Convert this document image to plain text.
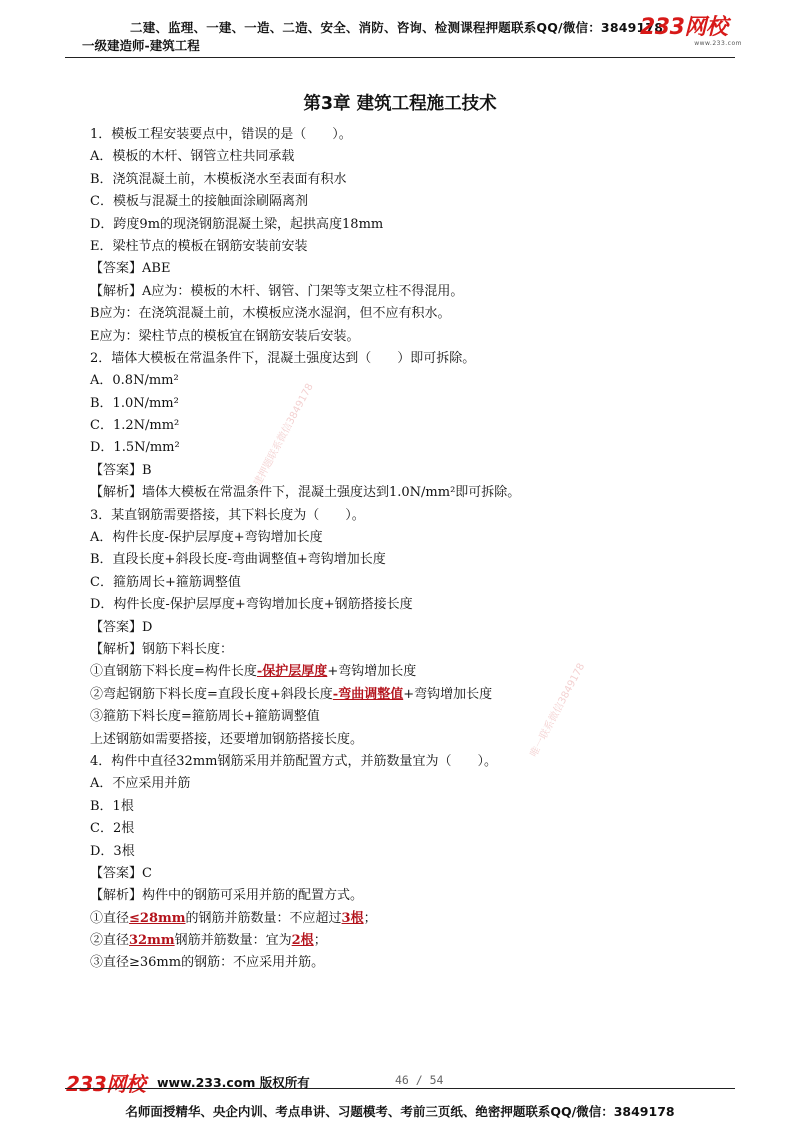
二建、监理、一建、一造、二造、安全、消防、咨询、检测课程押题联系QQ/微信：3849178
一级建造师-建筑工程
233网校
www.233.com
第3章 建筑工程施工技术
1．模板工程安装要点中，错误的是（　　）。
A．模板的木杆、钢管立柱共同承载
B．浇筑混凝土前，木模板浇水至表面有积水
C．模板与混凝土的接触面涂刷隔离剂
D．跨度9m的现浇钢筋混凝土梁，起拱高度18mm
E．梁柱节点的模板在钢筋安装前安装
【答案】ABE
【解析】A应为：模板的木杆、钢管、门架等支架立柱不得混用。
B应为：在浇筑混凝土前，木模板应浇水湿润，但不应有积水。
E应为：梁柱节点的模板宜在钢筋安装后安装。
2．墙体大模板在常温条件下，混凝土强度达到（　　）即可拆除。
A．0.8N/mm²
B．1.0N/mm²
C．1.2N/mm²
D．1.5N/mm²
【答案】B
【解析】墙体大模板在常温条件下，混凝土强度达到1.0N/mm²即可拆除。
3．某直钢筋需要搭接，其下料长度为（　　）。
A．构件长度-保护层厚度+弯钩增加长度
B．直段长度+斜段长度-弯曲调整值+弯钩增加长度
C．箍筋周长+箍筋调整值
D．构件长度-保护层厚度+弯钩增加长度+钢筋搭接长度
【答案】D
【解析】钢筋下料长度：
①直钢筋下料长度=构件长度-保护层厚度+弯钩增加长度
②弯起钢筋下料长度=直段长度+斜段长度-弯曲调整值+弯钩增加长度
③箍筋下料长度=箍筋周长+箍筋调整值
上述钢筋如需要搭接，还要增加钢筋搭接长度。
4．构件中直径32mm钢筋采用并筋配置方式，并筋数量宜为（　　）。
A．不应采用并筋
B．1根
C．2根
D．3根
【答案】C
【解析】构件中的钢筋可采用并筋的配置方式。
①直径≤28mm的钢筋并筋数量：不应超过3根；
②直径32mm钢筋并筋数量：宜为2根；
③直径≥36mm的钢筋：不应采用并筋。
二建押题联系微信3849178
唯一联系微信3849178
233网校 www.233.com 版权所有	46 / 54
名师面授精华、央企内训、考点串讲、习题模考、考前三页纸、绝密押题联系QQ/微信：3849178
